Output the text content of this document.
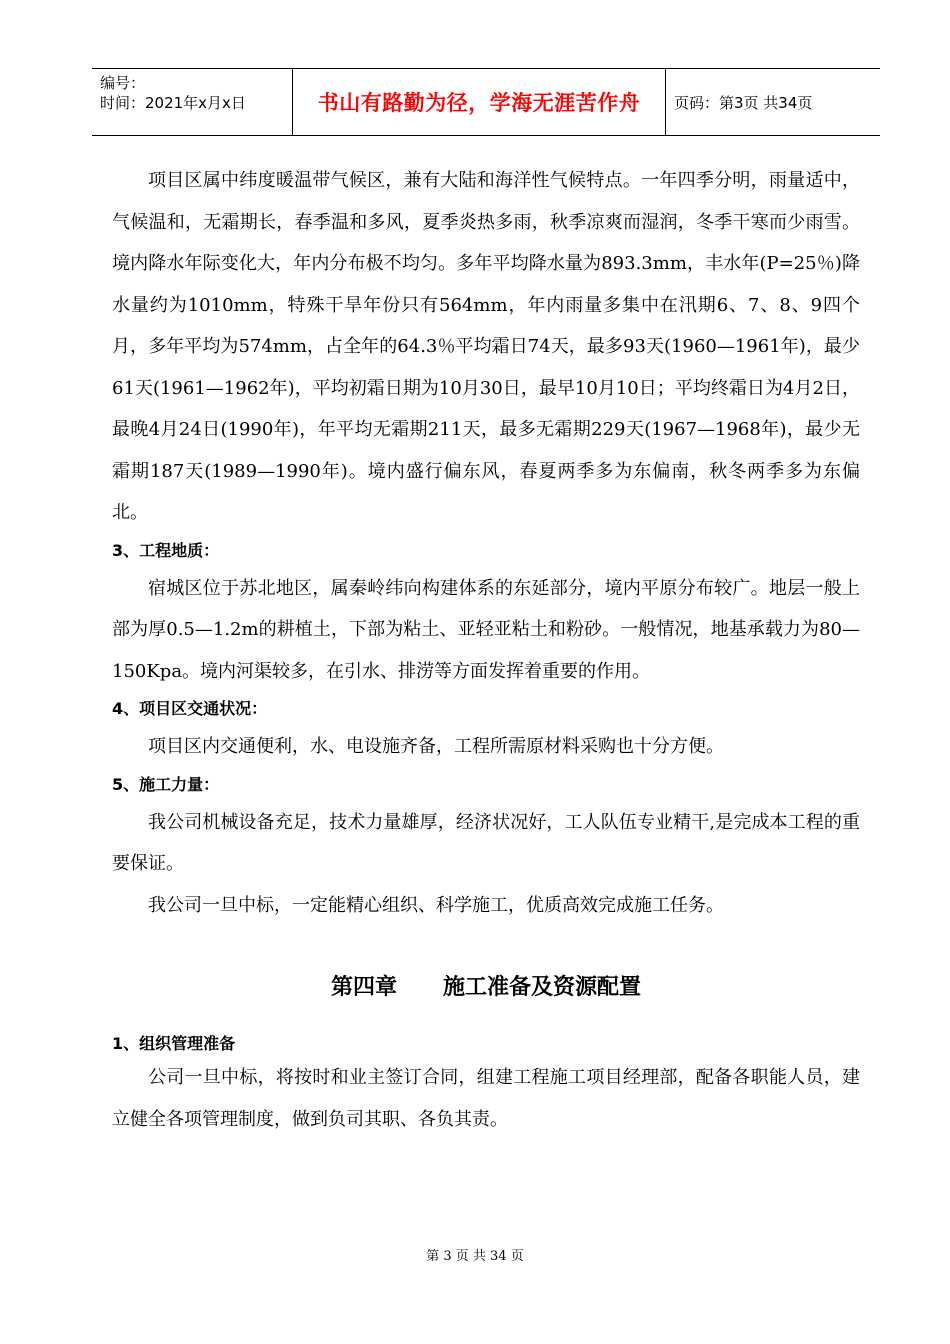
编号：
时间：2021年x月x日	书山有路勤为径，学海无涯苦作舟	页码：第3页 共34页

项目区属中纬度暖温带气候区，兼有大陆和海洋性气候特点。一年四季分明，雨量适中，气候温和，无霜期长，春季温和多风，夏季炎热多雨，秋季凉爽而湿润，冬季干寒而少雨雪。境内降水年际变化大，年内分布极不均匀。多年平均降水量为893.3mm，丰水年(P=25％)降水量约为1010mm，特殊干旱年份只有564mm，年内雨量多集中在汛期6、7、8、9四个月，多年平均为574mm，占全年的64.3％平均霜日74天，最多93天(1960—1961年)，最少61天(1961—1962年)，平均初霜日期为10月30日，最早10月10日；平均终霜日为4月2日，最晚4月24日(1990年)，年平均无霜期211天，最多无霜期229天(1967—1968年)，最少无霜期187天(1989—1990年)。境内盛行偏东风，春夏两季多为东偏南，秋冬两季多为东偏北。

3、工程地质：

宿城区位于苏北地区，属秦岭纬向构建体系的东延部分，境内平原分布较广。地层一般上部为厚0.5—1.2m的耕植土，下部为粘土、亚轻亚粘土和粉砂。一般情况，地基承载力为80—150Kpa。境内河渠较多，在引水、排涝等方面发挥着重要的作用。

4、项目区交通状况：

项目区内交通便利，水、电设施齐备，工程所需原材料采购也十分方便。

5、施工力量：

我公司机械设备充足，技术力量雄厚，经济状况好，工人队伍专业精干,是完成本工程的重要保证。

我公司一旦中标，一定能精心组织、科学施工，优质高效完成施工任务。

第四章      施工准备及资源配置

1、组织管理准备

公司一旦中标，将按时和业主签订合同，组建工程施工项目经理部，配备各职能人员，建立健全各项管理制度，做到负司其职、各负其责。

第 3 页 共 34 页
